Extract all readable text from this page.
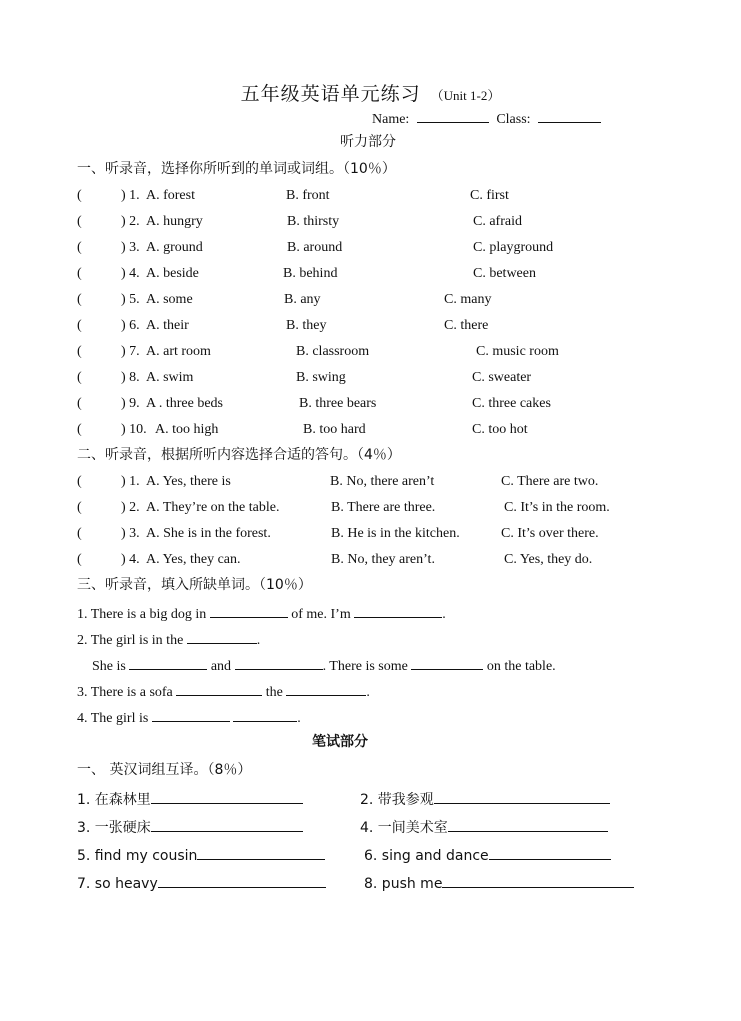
五年级英语单元练习 （Unit 1-2）
Name:	Class:
听力部分
一、听录音，选择你所听到的单词或词组。（10％）
(	) 1. A. forest	B. front	C. first
(	) 2. A. hungry	B. thirsty	C. afraid
(	) 3. A. ground	B. around	C. playground
(	) 4. A. beside	B. behind	C. between
(	) 5. A. some	B. any	C. many
(	) 6. A. their	B. they	C. there
(	) 7. A. art room	B. classroom	C. music room
(	) 8. A. swim	B. swing	C. sweater
(	) 9. A . three beds	B. three bears	C. three cakes
(	) 10. A. too high	B. too hard	C. too hot
二、听录音，根据所听内容选择合适的答句。（4％）
(	) 1. A. Yes, there is	B. No, there aren’t	C. There are two.
(	) 2. A. They’re on the table.	B. There are three.	C. It’s in the room.
(	) 3. A. She is in the forest.	B. He is in the kitchen.	C. It’s over there.
(	) 4. A. Yes, they can.	B. No, they aren’t.	C. Yes, they do.
三、听录音，填入所缺单词。（10％）
1. There is a big dog in	of me. I’m	.
2. The girl is in the	.
She is	and	. There is some	on the table.
3. There is a sofa	the	.
4. The girl is	.
笔试部分
一、 英汉词组互译。（8％）
1. 在森林里	2. 带我参观
3. 一张硬床	4. 一间美术室
5. find my cousin	6. sing and dance
7. so heavy	8. push me
